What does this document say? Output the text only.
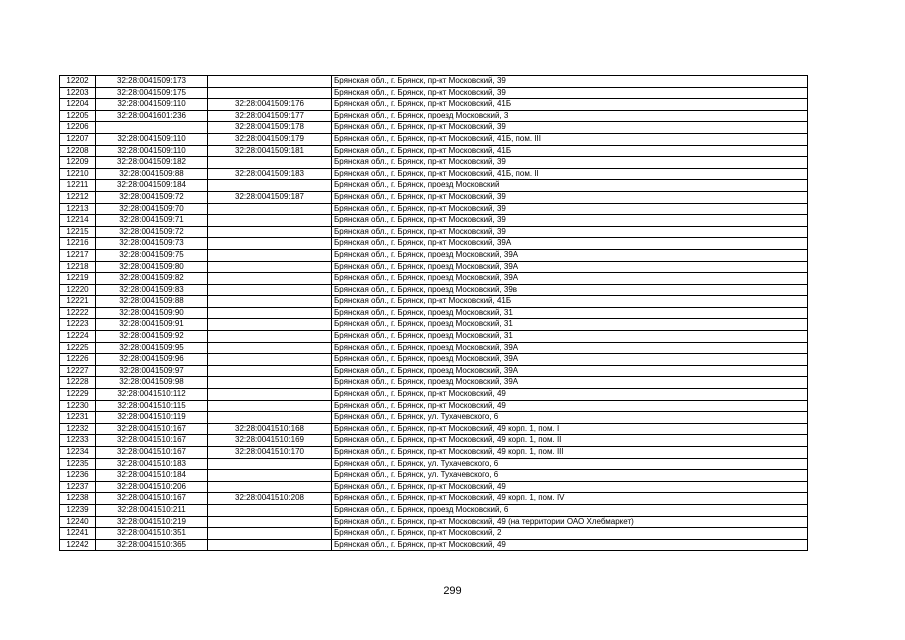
12202	32:28:0041509:173		Брянская обл., г. Брянск, пр-кт Московский, 39
12203	32:28:0041509:175		Брянская обл., г. Брянск, пр-кт Московский, 39
12204	32:28:0041509:110	32:28:0041509:176	Брянская обл., г. Брянск, пр-кт Московский, 41Б
12205	32:28:0041601:236	32:28:0041509:177	Брянская обл., г. Брянск, проезд Московский, 3
12206		32:28:0041509:178	Брянская обл., г. Брянск, пр-кт Московский, 39
12207	32:28:0041509:110	32:28:0041509:179	Брянская обл., г. Брянск, пр-кт Московский, 41Б, пом. III
12208	32:28:0041509:110	32:28:0041509:181	Брянская обл., г. Брянск, пр-кт Московский, 41Б
12209	32:28:0041509:182		Брянская обл., г. Брянск, пр-кт Московский, 39
12210	32:28:0041509:88	32:28:0041509:183	Брянская обл., г. Брянск, пр-кт Московский, 41Б, пом. II
12211	32:28:0041509:184		Брянская обл., г. Брянск, проезд Московский
12212	32:28:0041509:72	32:28:0041509:187	Брянская обл., г. Брянск, пр-кт Московский, 39
12213	32:28:0041509:70		Брянская обл., г. Брянск, пр-кт Московский, 39
12214	32:28:0041509:71		Брянская обл., г. Брянск, пр-кт Московский, 39
12215	32:28:0041509:72		Брянская обл., г. Брянск, пр-кт Московский, 39
12216	32:28:0041509:73		Брянская обл., г. Брянск, пр-кт Московский, 39А
12217	32:28:0041509:75		Брянская обл., г. Брянск, проезд Московский, 39А
12218	32:28:0041509:80		Брянская обл., г. Брянск, проезд Московский, 39А
12219	32:28:0041509:82		Брянская обл., г. Брянск, проезд Московский, 39А
12220	32:28:0041509:83		Брянская обл., г. Брянск, проезд Московский, 39в
12221	32:28:0041509:88		Брянская обл., г. Брянск, пр-кт Московский, 41Б
12222	32:28:0041509:90		Брянская обл., г. Брянск, проезд Московский, 31
12223	32:28:0041509:91		Брянская обл., г. Брянск, проезд Московский, 31
12224	32:28:0041509:92		Брянская обл., г. Брянск, проезд Московский, 31
12225	32:28:0041509:95		Брянская обл., г. Брянск, проезд Московский, 39А
12226	32:28:0041509:96		Брянская обл., г. Брянск, проезд Московский, 39А
12227	32:28:0041509:97		Брянская обл., г. Брянск, проезд Московский, 39А
12228	32:28:0041509:98		Брянская обл., г. Брянск, проезд Московский, 39А
12229	32:28:0041510:112		Брянская обл., г. Брянск, пр-кт Московский, 49
12230	32:28:0041510:115		Брянская обл., г. Брянск, пр-кт Московский, 49
12231	32:28:0041510:119		Брянская обл., г. Брянск, ул. Тухачевского, 6
12232	32:28:0041510:167	32:28:0041510:168	Брянская обл., г. Брянск, пр-кт Московский, 49 корп. 1, пом. I
12233	32:28:0041510:167	32:28:0041510:169	Брянская обл., г. Брянск, пр-кт Московский, 49 корп. 1, пом. II
12234	32:28:0041510:167	32:28:0041510:170	Брянская обл., г. Брянск, пр-кт Московский, 49 корп. 1, пом. III
12235	32:28:0041510:183		Брянская обл., г. Брянск, ул. Тухачевского, 6
12236	32:28:0041510:184		Брянская обл., г. Брянск, ул. Тухачевского, 6
12237	32:28:0041510:206		Брянская обл., г. Брянск, пр-кт Московский, 49
12238	32:28:0041510:167	32:28:0041510:208	Брянская обл., г. Брянск, пр-кт Московский, 49 корп. 1, пом. IV
12239	32:28:0041510:211		Брянская обл., г. Брянск, проезд Московский, 6
12240	32:28:0041510:219		Брянская обл., г. Брянск, пр-кт Московский, 49 (на территории ОАО Хлебмаркет)
12241	32:28:0041510:351		Брянская обл., г. Брянск, пр-кт Московский, 2
12242	32:28:0041510:365		Брянская обл., г. Брянск, пр-кт Московский, 49
299
